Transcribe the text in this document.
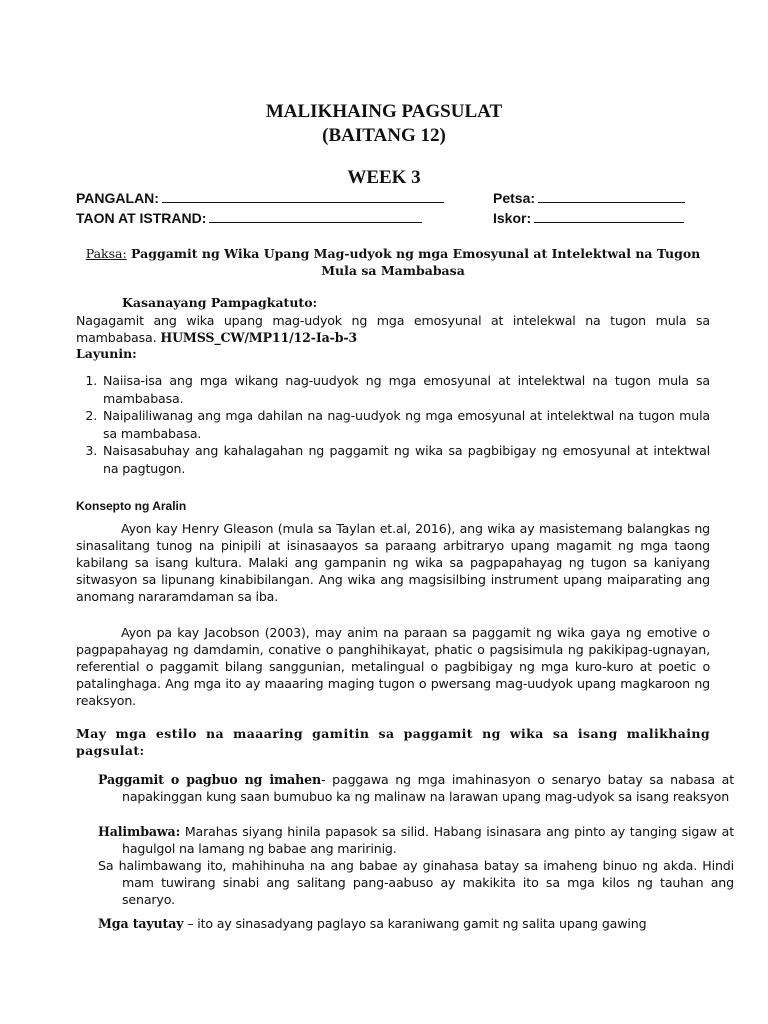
MALIKHAING PAGSULAT
(BAITANG 12)
WEEK 3
PANGALAN:	Petsa:
TAON AT ISTRAND:	Iskor:
Paksa: Paggamit ng Wika Upang Mag-udyok ng mga Emosyunal at Intelektwal na Tugon Mula sa Mambabasa
Kasanayang Pampagkatuto:
Nagagamit ang wika upang mag-udyok ng mga emosyunal at intelekwal na tugon mula sa mambabasa. HUMSS_CW/MP11/12-Ia-b-3
Layunin:
1. Naiisa-isa ang mga wikang nag-uudyok ng mga emosyunal at intelektwal na tugon mula sa mambabasa.
2. Naipaliliwanag ang mga dahilan na nag-uudyok ng mga emosyunal at intelektwal na tugon mula sa mambabasa.
3. Naisasabuhay ang kahalagahan ng paggamit ng wika sa pagbibigay ng emosyunal at intektwal na pagtugon.
Konsepto ng Aralin
Ayon kay Henry Gleason (mula sa Taylan et.al, 2016), ang wika ay masistemang balangkas ng sinasalitang tunog na pinipili at isinasaayos sa paraang arbitraryo upang magamit ng mga taong kabilang sa isang kultura. Malaki ang gampanin ng wika sa pagpapahayag ng tugon sa kaniyang sitwasyon sa lipunang kinabibilangan. Ang wika ang magsisilbing instrument upang maiparating ang anomang nararamdaman sa iba.
Ayon pa kay Jacobson (2003), may anim na paraan sa paggamit ng wika gaya ng emotive o pagpapahayag ng damdamin, conative o panghihikayat, phatic o pagsisimula ng pakikipag-ugnayan, referential o paggamit bilang sanggunian, metalingual o pagbibigay ng mga kuro-kuro at poetic o patalinghaga. Ang mga ito ay maaaring maging tugon o pwersang mag-uudyok upang magkaroon ng reaksyon.
May mga estilo na maaaring gamitin sa paggamit ng wika sa isang malikhaing pagsulat:
Paggamit o pagbuo ng imahen- paggawa ng mga imahinasyon o senaryo batay sa nabasa at napakinggan kung saan bumubuo ka ng malinaw na larawan upang mag-udyok sa isang reaksyon
Halimbawa: Marahas siyang hinila papasok sa silid. Habang isinasara ang pinto ay tanging sigaw at hagulgol na lamang ng babae ang maririnig.
Sa halimbawang ito, mahihinuha na ang babae ay ginahasa batay sa imaheng binuo ng akda. Hindi mam tuwirang sinabi ang salitang pang-aabuso ay makikita ito sa mga kilos ng tauhan ang senaryo.
Mga tayutay – ito ay sinasadyang paglayo sa karaniwang gamit ng salita upang gawing
